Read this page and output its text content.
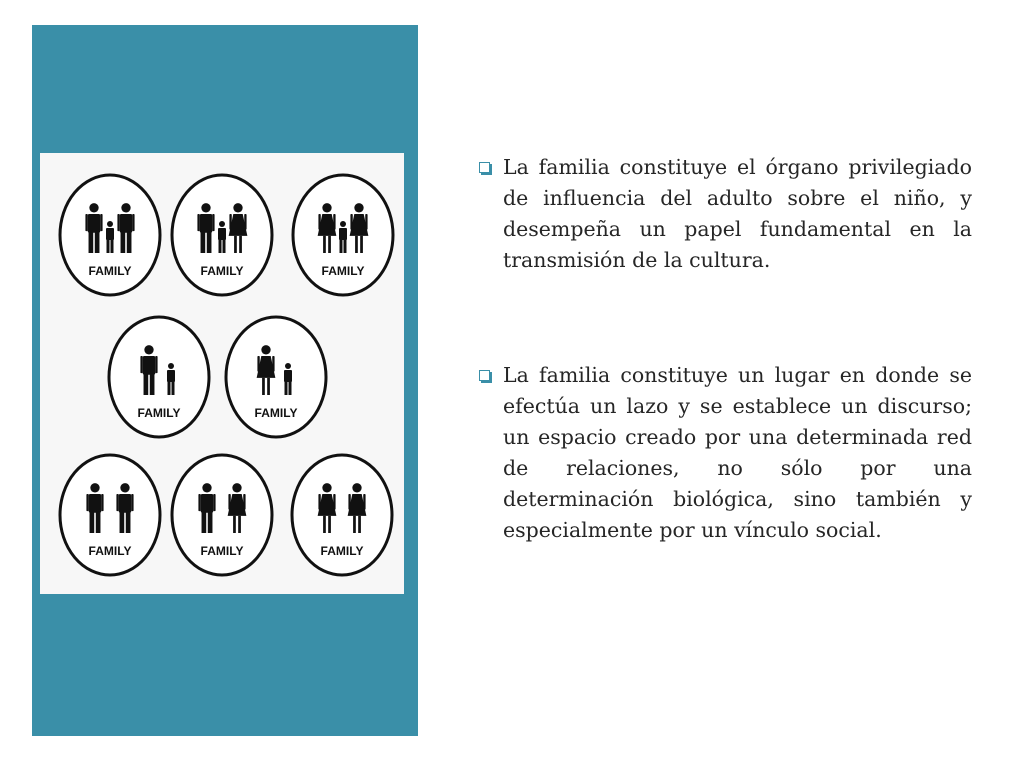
FAMILY	FAMILY	FAMILY
FAMILY	FAMILY
FAMILY	FAMILY	FAMILY
La familia constituye el órgano privilegiado de influencia del adulto sobre el niño, y desempeña un papel fundamental en la transmisión de la cultura.
La familia constituye un lugar en donde se efectúa un lazo y se establece un discurso; un espacio creado por una determinada red de relaciones, no sólo por una determinación biológica, sino también y especialmente por un vínculo social.
